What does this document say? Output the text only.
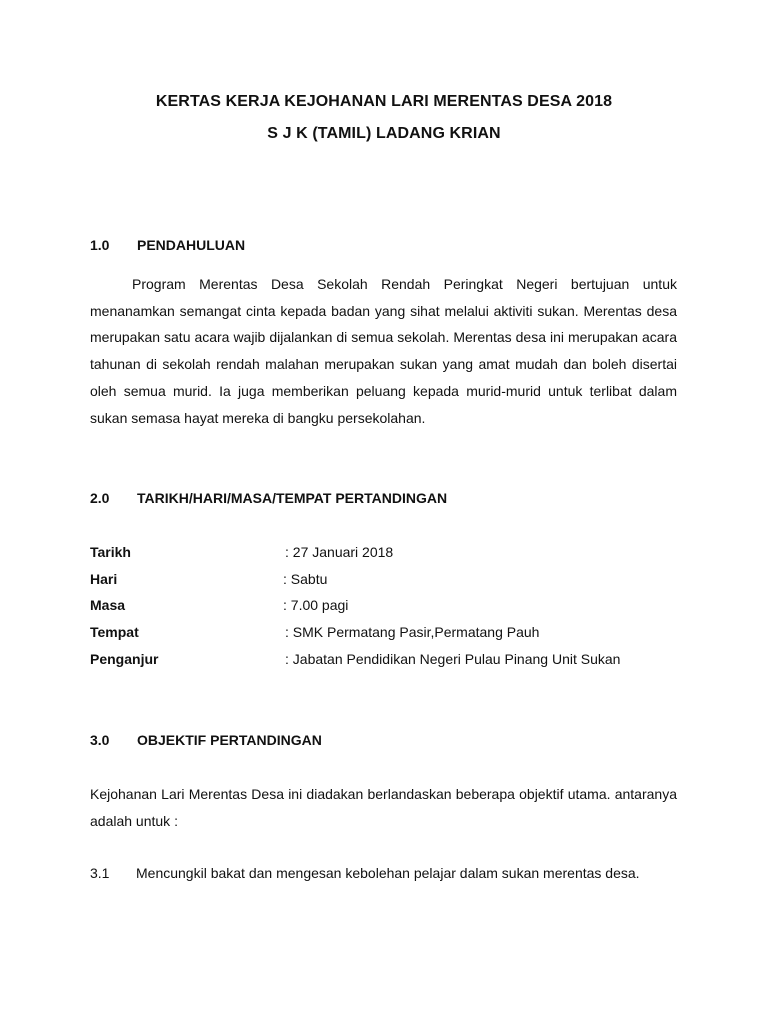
KERTAS KERJA KEJOHANAN LARI MERENTAS DESA 2018
S J K (TAMIL) LADANG KRIAN
1.0 PENDAHULUAN

Program Merentas Desa Sekolah Rendah Peringkat Negeri bertujuan untuk menanamkan semangat cinta kepada badan yang sihat melalui aktiviti sukan. Merentas desa merupakan satu acara wajib dijalankan di semua sekolah. Merentas desa ini merupakan acara tahunan di sekolah rendah malahan merupakan sukan yang amat mudah dan boleh disertai oleh semua murid. Ia juga memberikan peluang kepada murid-murid untuk terlibat dalam sukan semasa hayat mereka di bangku persekolahan.

2.0 TARIKH/HARI/MASA/TEMPAT PERTANDINGAN
Tarikh	: 27 Januari 2018
Hari	: Sabtu
Masa	: 7.00 pagi
Tempat	: SMK Permatang Pasir,Permatang Pauh
Penganjur	: Jabatan Pendidikan Negeri Pulau Pinang Unit Sukan
3.0 OBJEKTIF PERTANDINGAN

Kejohanan Lari Merentas Desa ini diadakan berlandaskan beberapa objektif utama. antaranya adalah untuk :

3.1 Mencungkil bakat dan mengesan kebolehan pelajar dalam sukan merentas desa.
